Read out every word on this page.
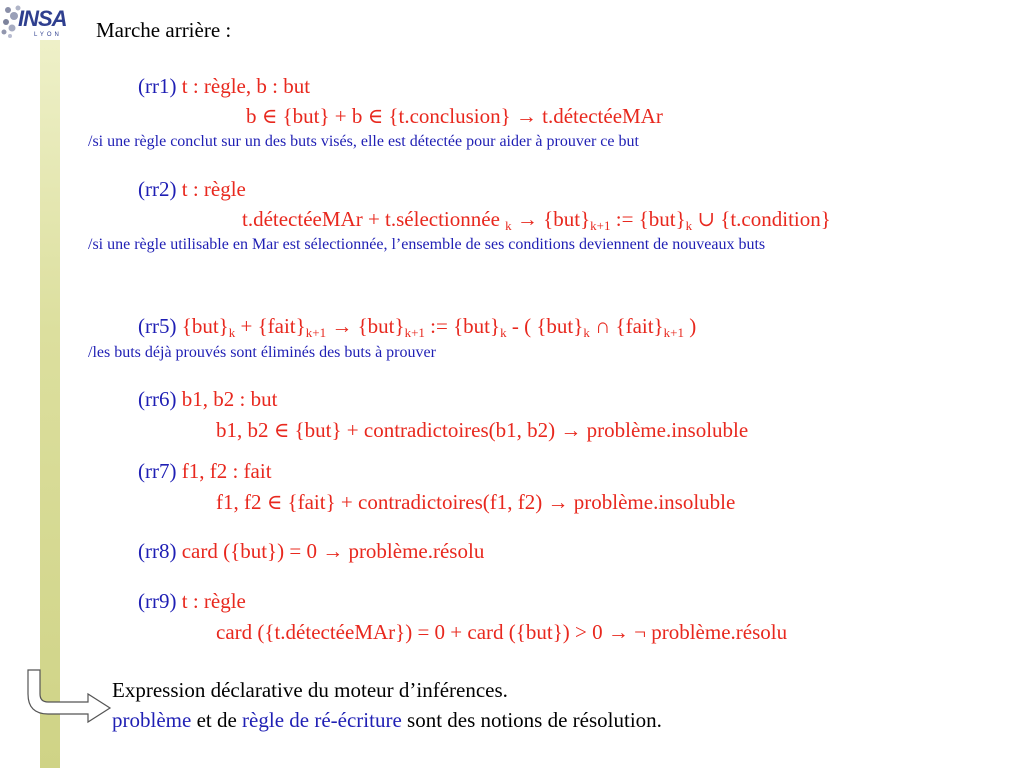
INSA
LYON Marche arrière :
(rr1) t : règle, b : but
b ∈ {but} + b ∈ {t.conclusion} → t.détectéeMAr
/si une règle conclut sur un des buts visés, elle est détectée pour aider à prouver ce but
(rr2) t : règle
t.détectéeMAr + t.sélectionnée $_k \to \{but\}_{k+1}$ := $\{but\}_k$ ∪ {t.condition}
/si une règle utilisable en Mar est sélectionnée, l’ensemble de ses conditions deviennent de nouveaux buts
(rr5) $\{but\}_k$ + $\{fait\}_{k+1} \to \{but\}_{k+1}$ := $\{but\}_k$ - ( $\{but\}_k$ ∩ $\{fait\}_{k+1}$ )
/les buts déjà prouvés sont éliminés des buts à prouver
(rr6) b1, b2 : but
b1, b2 ∈ {but} + contradictoires(b1, b2) → problème.insoluble
(rr7) f1, f2 : fait
f1, f2 ∈ {fait} + contradictoires(f1, f2) → problème.insoluble
(rr8) card ({but}) = 0 → problème.résolu
(rr9) t : règle
card ({t.détectéeMAr}) = 0 + card ({but}) > 0 → ¬ problème.résolu
Expression déclarative du moteur d’inférences.
problème et de règle de ré-écriture sont des notions de résolution.
